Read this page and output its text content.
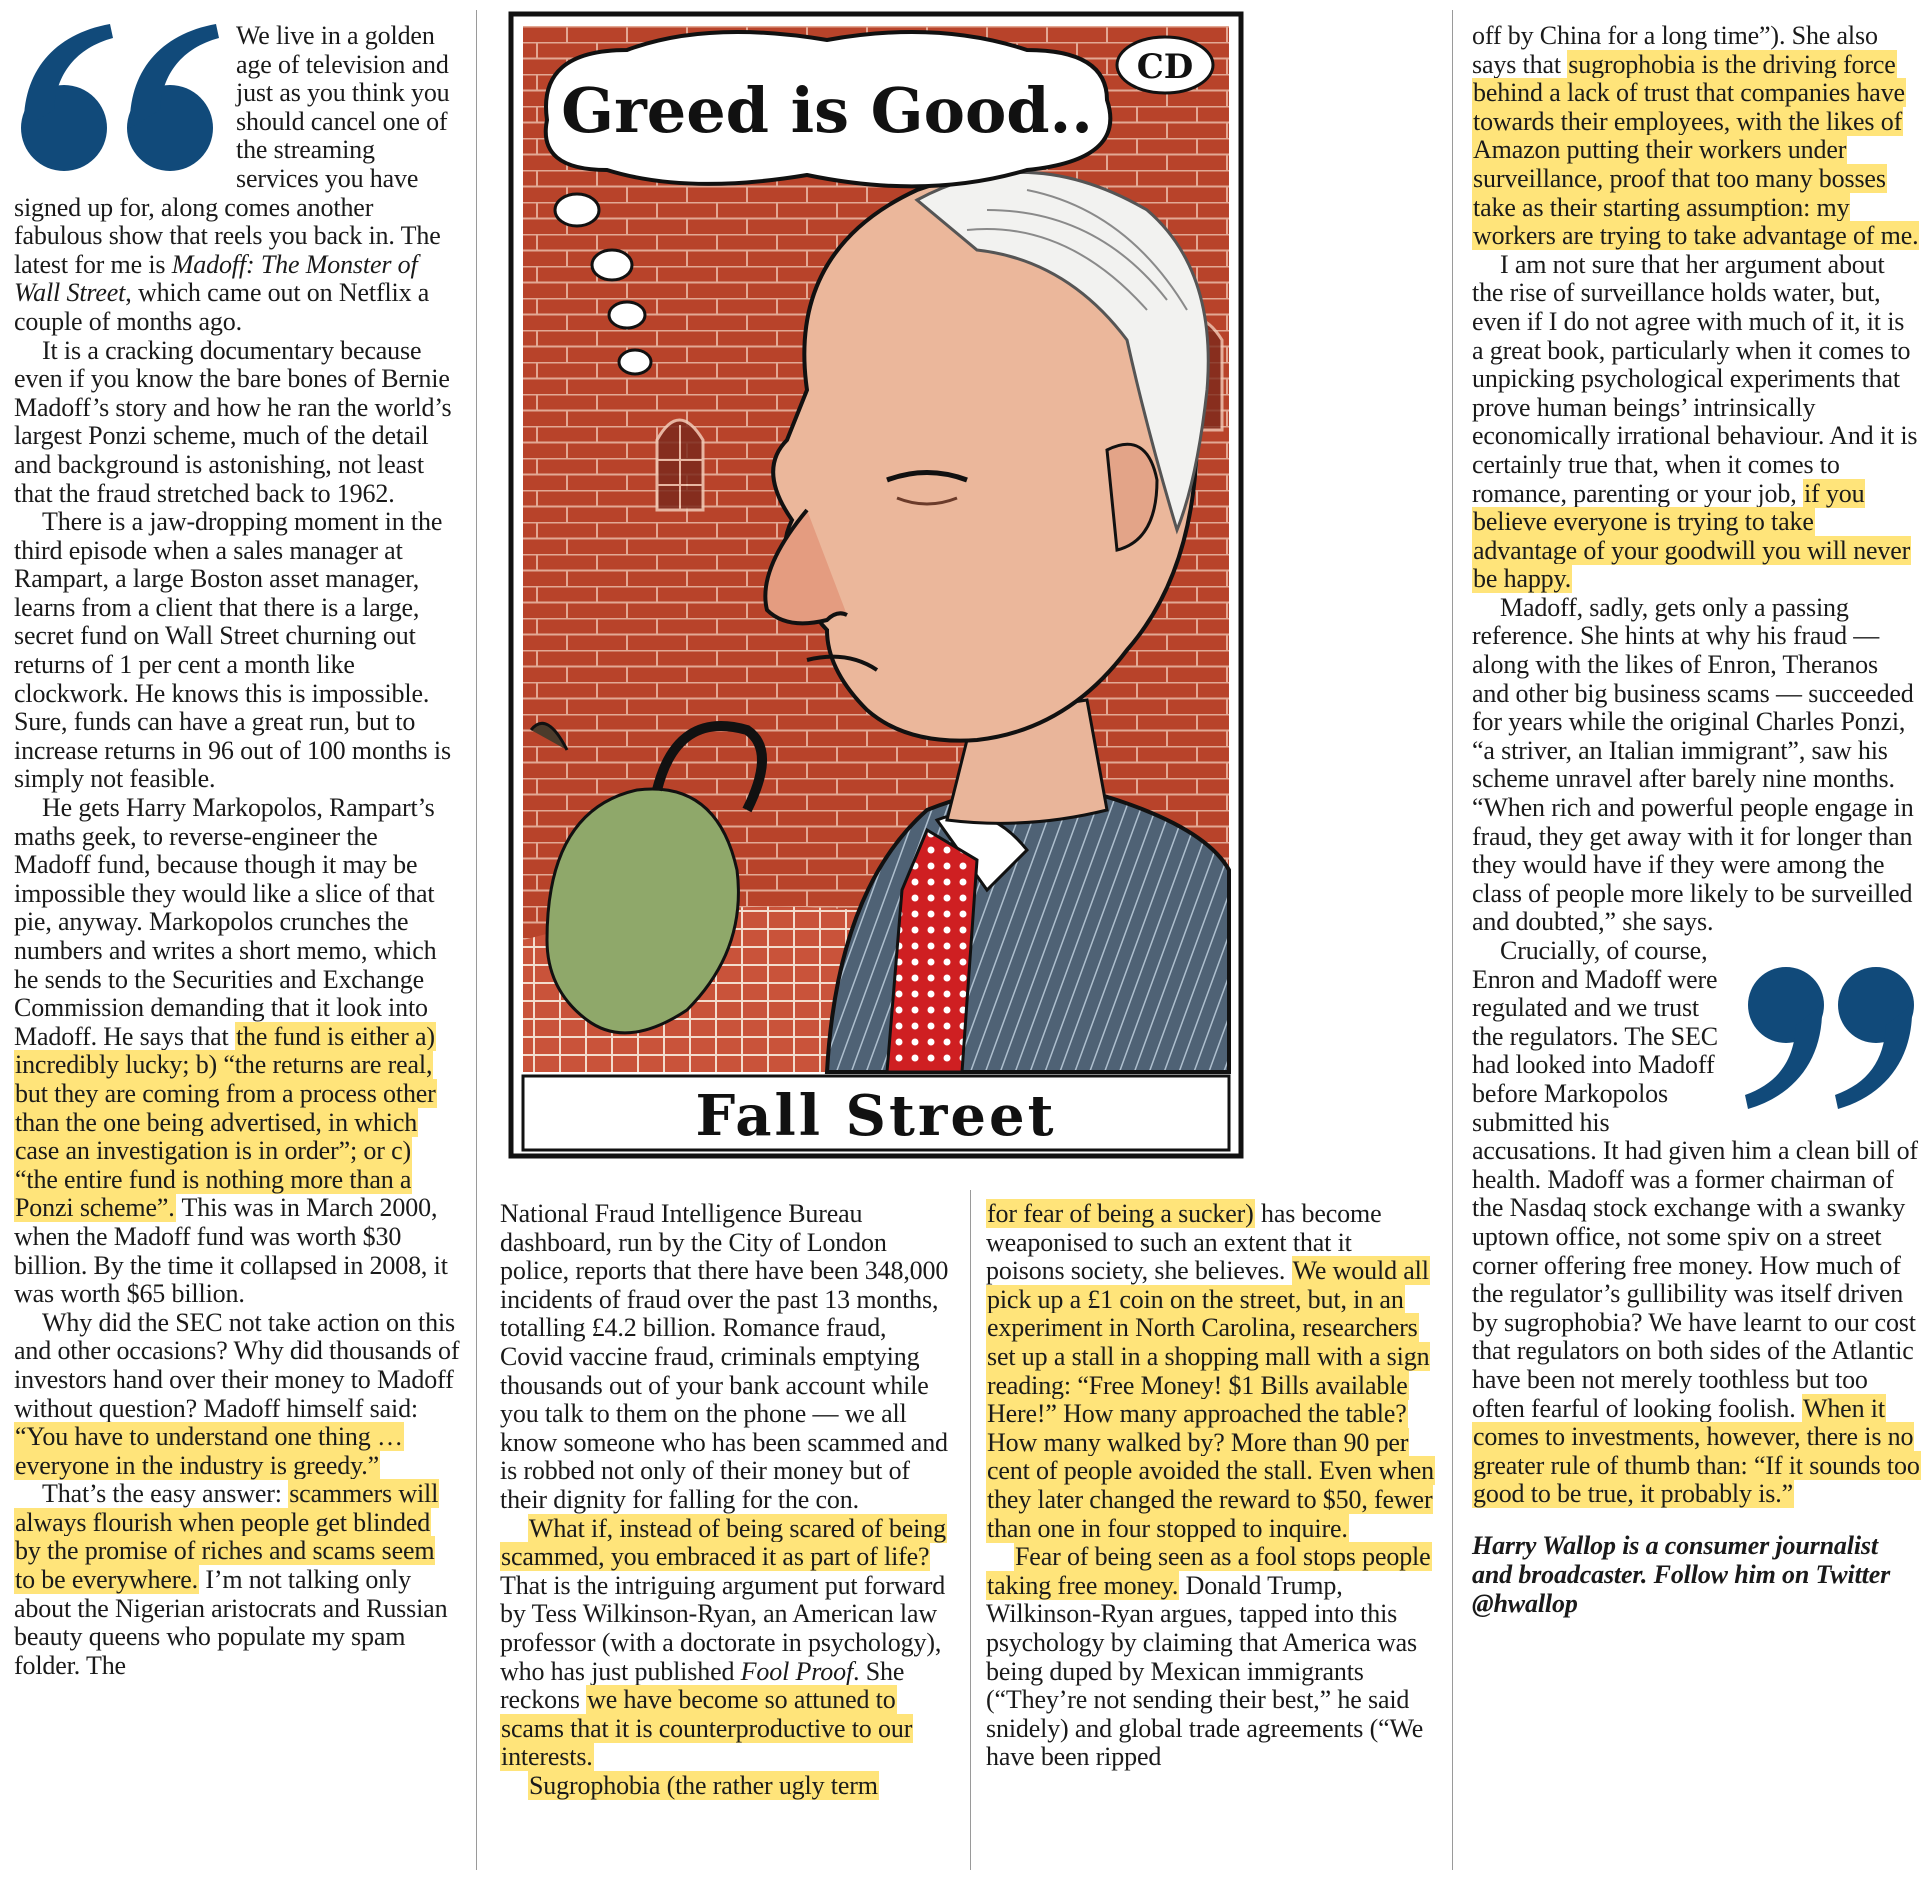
We live in a golden age of television and just as you think you should cancel one of the streaming services you have signed up for, along comes another fabulous show that reels you back in. The latest for me is Madoff: The Monster of Wall Street, which came out on Netflix a couple of months ago.

It is a cracking documentary because even if you know the bare bones of Bernie Madoff’s story and how he ran the world’s largest Ponzi scheme, much of the detail and background is astonishing, not least that the fraud stretched back to 1962.

There is a jaw-dropping moment in the third episode when a sales manager at Rampart, a large Boston asset manager, learns from a client that there is a large, secret fund on Wall Street churning out returns of 1 per cent a month like clockwork. He knows this is impossible. Sure, funds can have a great run, but to increase returns in 96 out of 100 months is simply not feasible.

He gets Harry Markopolos, Rampart’s maths geek, to reverse-engineer the Madoff fund, because though it may be impossible they would like a slice of that pie, anyway. Markopolos crunches the numbers and writes a short memo, which he sends to the Securities and Exchange Commission demanding that it look into Madoff. He says that the fund is either a) incredibly lucky; b) “the returns are real, but they are coming from a process other than the one being advertised, in which case an investigation is in order”; or c) “the entire fund is nothing more than a Ponzi scheme”. This was in March 2000, when the Madoff fund was worth $30 billion. By the time it collapsed in 2008, it was worth $65 billion.

Why did the SEC not take action on this and other occasions? Why did thousands of investors hand over their money to Madoff without question? Madoff himself said: “You have to understand one thing … everyone in the industry is greedy.”

That’s the easy answer: scammers will always flourish when people get blinded by the promise of riches and scams seem to be everywhere. I’m not talking only about the Nigerian aristocrats and Russian beauty queens who populate my spam folder. The

Greed is Good..
CD
Fall Street

National Fraud Intelligence Bureau dashboard, run by the City of London police, reports that there have been 348,000 incidents of fraud over the past 13 months, totalling £4.2 billion. Romance fraud, Covid vaccine fraud, criminals emptying thousands out of your bank account while you talk to them on the phone — we all know someone who has been scammed and is robbed not only of their money but of their dignity for falling for the con.

What if, instead of being scared of being scammed, you embraced it as part of life? That is the intriguing argument put forward by Tess Wilkinson-Ryan, an American law professor (with a doctorate in psychology), who has just published Fool Proof. She reckons we have become so attuned to scams that it is counterproductive to our interests.

Sugrophobia (the rather ugly term

for fear of being a sucker) has become weaponised to such an extent that it poisons society, she believes. We would all pick up a £1 coin on the street, but, in an experiment in North Carolina, researchers set up a stall in a shopping mall with a sign reading: “Free Money! $1 Bills available Here!” How many approached the table? How many walked by? More than 90 per cent of people avoided the stall. Even when they later changed the reward to $50, fewer than one in four stopped to inquire.

Fear of being seen as a fool stops people taking free money. Donald Trump, Wilkinson-Ryan argues, tapped into this psychology by claiming that America was being duped by Mexican immigrants (“They’re not sending their best,” he said snidely) and global trade agreements (“We have been ripped

off by China for a long time”). She also says that sugrophobia is the driving force behind a lack of trust that companies have towards their employees, with the likes of Amazon putting their workers under surveillance, proof that too many bosses take as their starting assumption: my workers are trying to take advantage of me.

I am not sure that her argument about the rise of surveillance holds water, but, even if I do not agree with much of it, it is a great book, particularly when it comes to unpicking psychological experiments that prove human beings’ intrinsically economically irrational behaviour. And it is certainly true that, when it comes to romance, parenting or your job, if you believe everyone is trying to take advantage of your goodwill you will never be happy.

Madoff, sadly, gets only a passing reference. She hints at why his fraud — along with the likes of Enron, Theranos and other big business scams — succeeded for years while the original Charles Ponzi, “a striver, an Italian immigrant”, saw his scheme unravel after barely nine months. “When rich and powerful people engage in fraud, they get away with it for longer than they would have if they were among the class of people more likely to be surveilled and doubted,” she says.

Crucially, of course, Enron and Madoff were regulated and we trust the regulators. The SEC had looked into Madoff before Markopolos submitted his accusations. It had given him a clean bill of health. Madoff was a former chairman of the Nasdaq stock exchange with a swanky uptown office, not some spiv on a street corner offering free money. How much of the regulator’s gullibility was itself driven by sugrophobia? We have learnt to our cost that regulators on both sides of the Atlantic have been not merely toothless but too often fearful of looking foolish. When it comes to investments, however, there is no greater rule of thumb than: “If it sounds too good to be true, it probably is.”

Harry Wallop is a consumer journalist and broadcaster. Follow him on Twitter @hwallop
